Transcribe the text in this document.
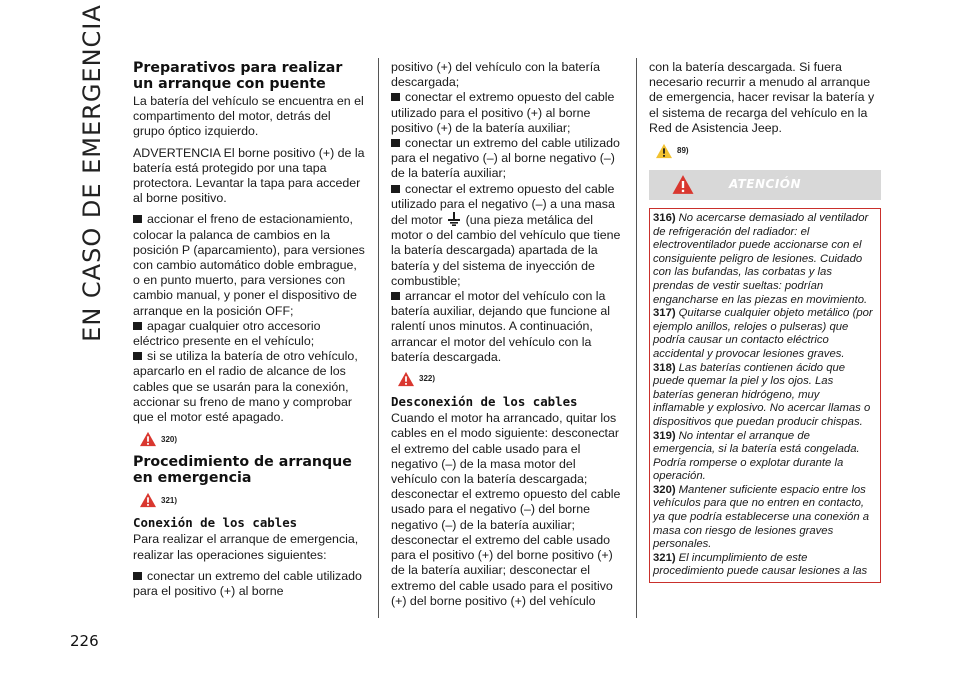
EN CASO DE EMERGENCIA
226
Preparativos para realizar un arranque con puente

La batería del vehículo se encuentra en el compartimento del motor, detrás del grupo óptico izquierdo.

ADVERTENCIA El borne positivo (+) de la batería está protegido por una tapa protectora. Levantar la tapa para acceder al borne positivo.

accionar el freno de estacionamiento, colocar la palanca de cambios en la posición P (aparcamiento), para versiones con cambio automático doble embrague, o en punto muerto, para versiones con cambio manual, y poner el dispositivo de arranque en la posición OFF;

apagar cualquier otro accesorio eléctrico presente en el vehículo;

si se utiliza la batería de otro vehículo, aparcarlo en el radio de alcance de los cables que se usarán para la conexión, accionar su freno de mano y comprobar que el motor esté apagado.

320)
Procedimiento de arranque en emergencia
321)
Conexión de los cables

Para realizar el arranque de emergencia, realizar las operaciones siguientes:

conectar un extremo del cable utilizado para el positivo (+) al borne

positivo (+) del vehículo con la batería descargada;

conectar el extremo opuesto del cable utilizado para el positivo (+) al borne positivo (+) de la batería auxiliar;

conectar un extremo del cable utilizado para el negativo (–) al borne negativo (–) de la batería auxiliar;

conectar el extremo opuesto del cable utilizado para el negativo (–) a una masa del motor (una pieza metálica del motor o del cambio del vehículo que tiene la batería descargada) apartada de la batería y del sistema de inyección de combustible;

arrancar el motor del vehículo con la batería auxiliar, dejando que funcione al ralentí unos minutos. A continuación, arrancar el motor del vehículo con la batería descargada.

322)
Desconexión de los cables

Cuando el motor ha arrancado, quitar los cables en el modo siguiente: desconectar el extremo del cable usado para el negativo (–) de la masa motor del vehículo con la batería descargada; desconectar el extremo opuesto del cable usado para el negativo (–) del borne negativo (–) de la batería auxiliar; desconectar el extremo del cable usado para el positivo (+) del borne positivo (+) de la batería auxiliar; desconectar el extremo del cable usado para el positivo (+) del borne positivo (+) del vehículo

con la batería descargada. Si fuera necesario recurrir a menudo al arranque de emergencia, hacer revisar la batería y el sistema de recarga del vehículo en la Red de Asistencia Jeep.

89)
ATENCIÓN

316) No acercarse demasiado al ventilador de refrigeración del radiador: el electroventilador puede accionarse con el consiguiente peligro de lesiones. Cuidado con las bufandas, las corbatas y las prendas de vestir sueltas: podrían engancharse en las piezas en movimiento.

317) Quitarse cualquier objeto metálico (por ejemplo anillos, relojes o pulseras) que podría causar un contacto eléctrico accidental y provocar lesiones graves.

318) Las baterías contienen ácido que puede quemar la piel y los ojos. Las baterías generan hidrógeno, muy inflamable y explosivo. No acercar llamas o dispositivos que puedan producir chispas.

319) No intentar el arranque de emergencia, si la batería está congelada. Podría romperse o explotar durante la operación.

320) Mantener suficiente espacio entre los vehículos para que no entren en contacto, ya que podría establecerse una conexión a masa con riesgo de lesiones graves personales.

321) El incumplimiento de este procedimiento puede causar lesiones a las
